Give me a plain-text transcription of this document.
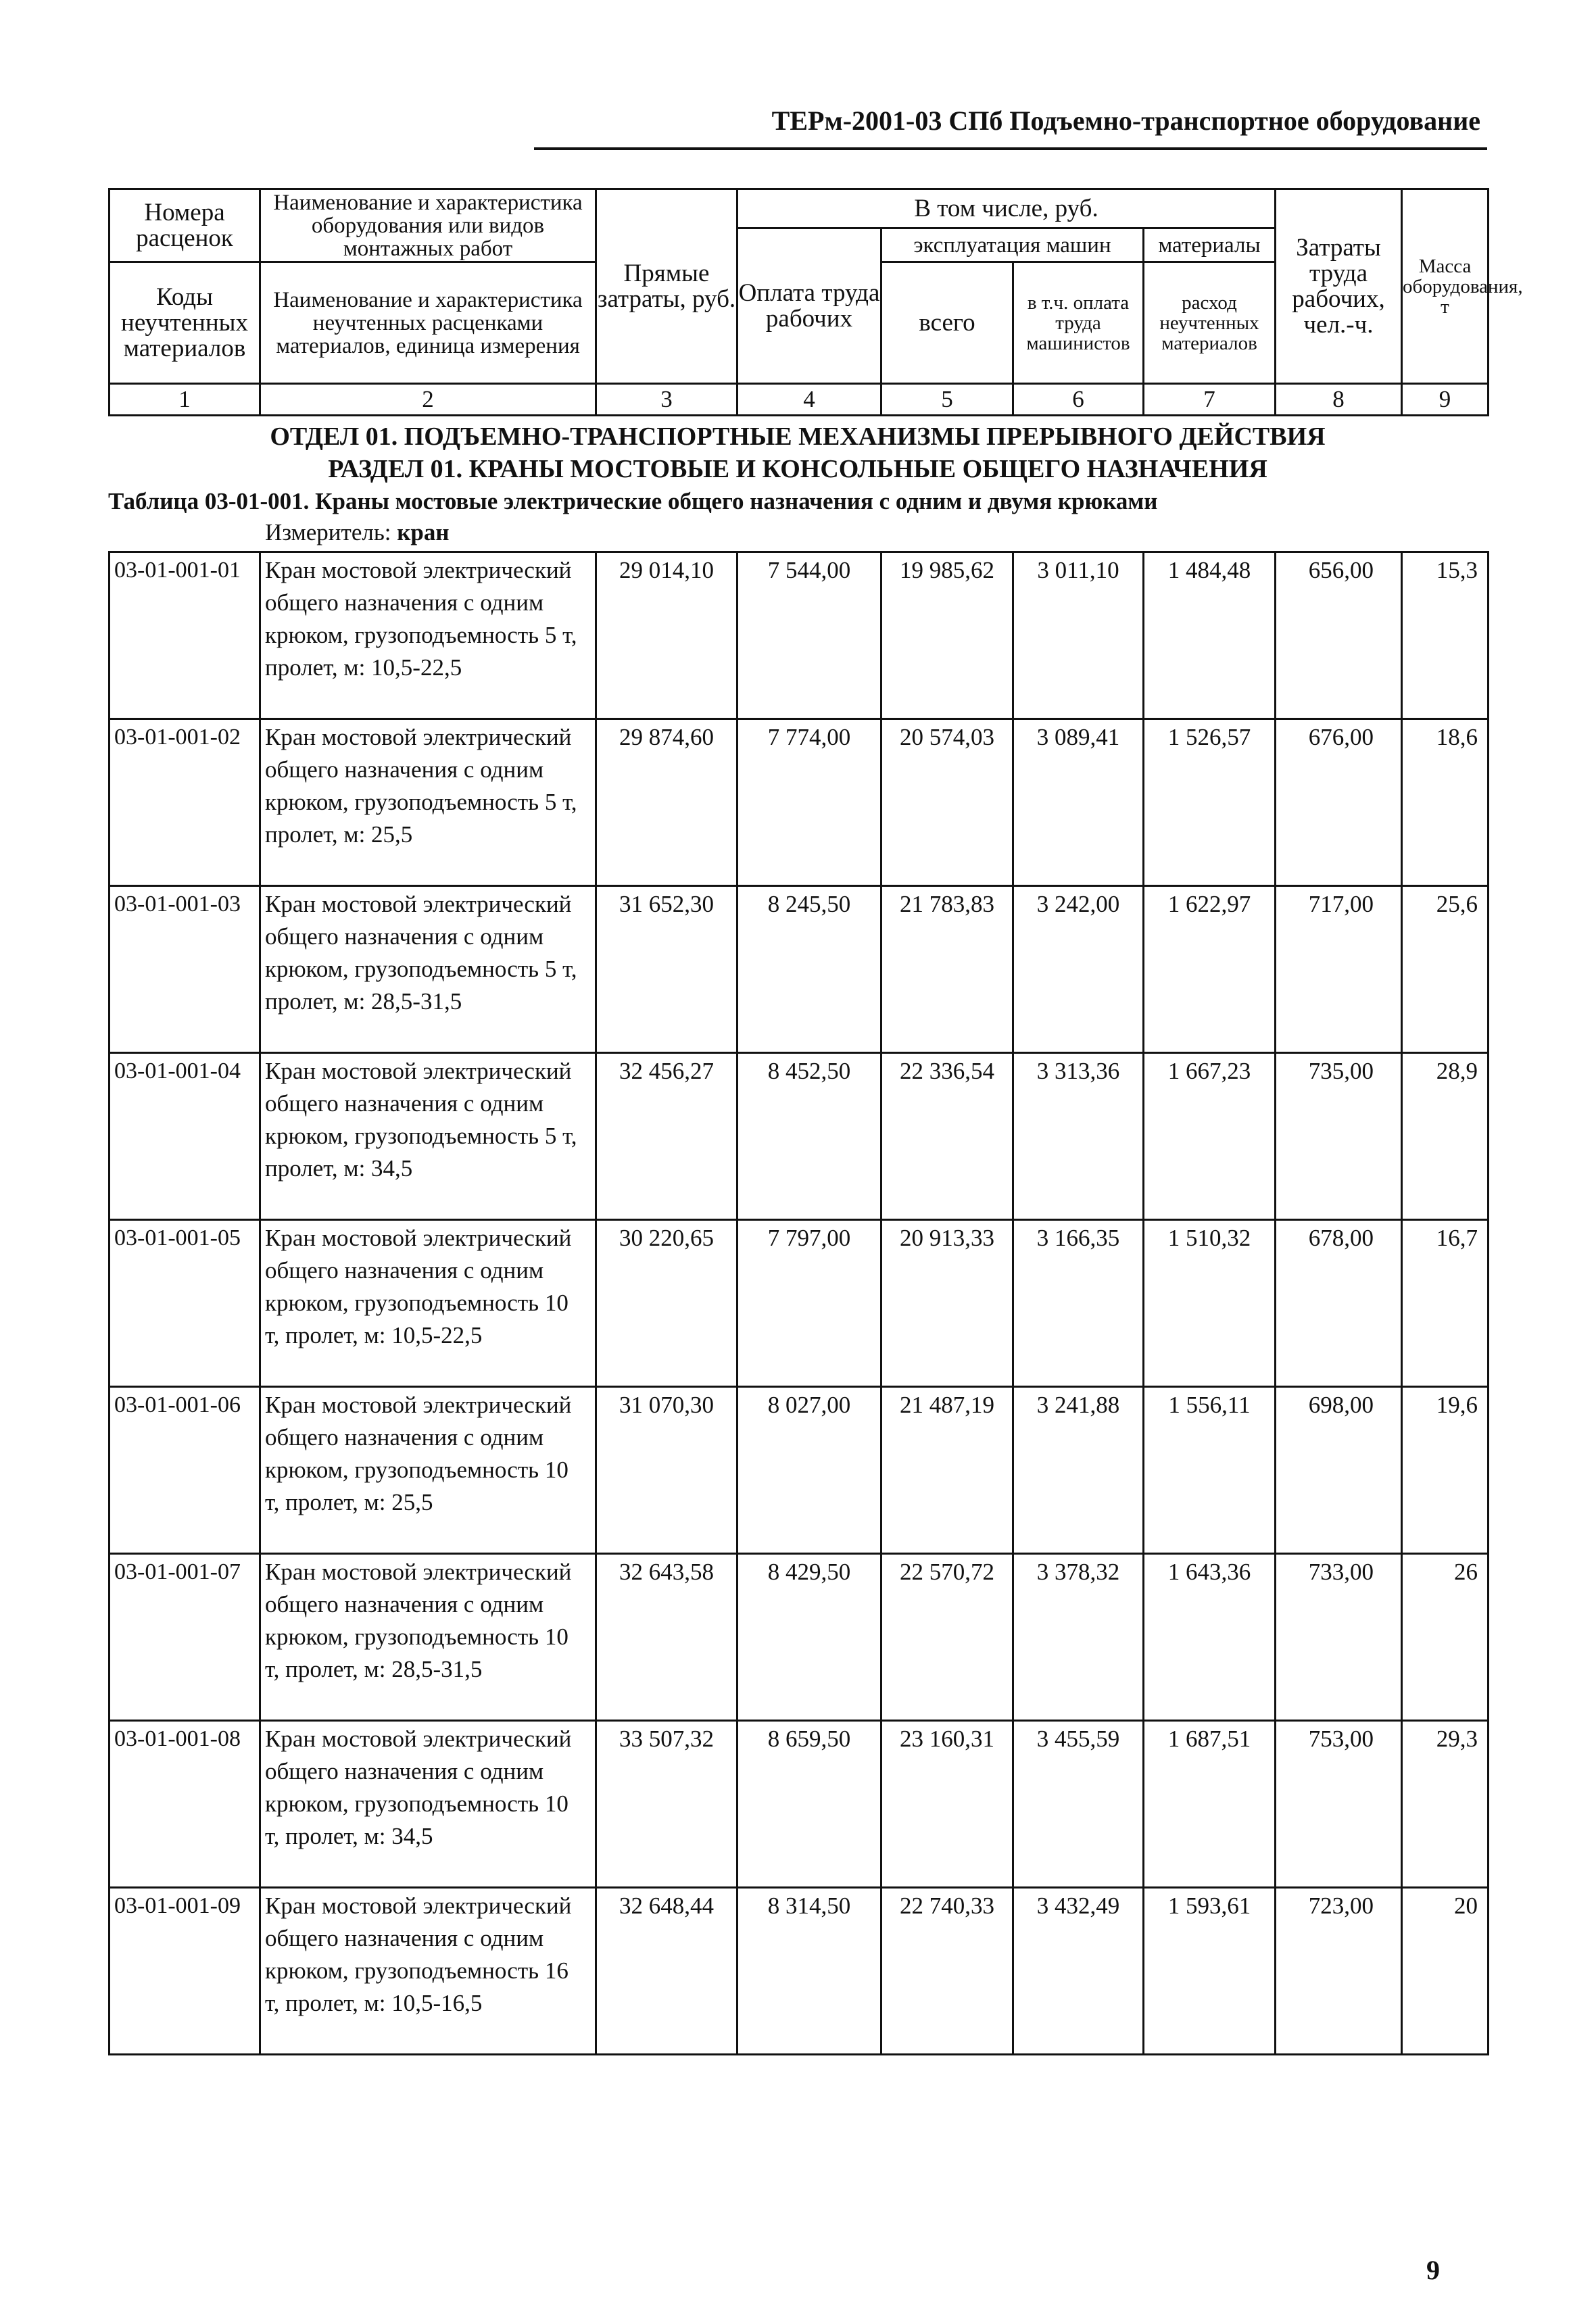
ТЕРм-2001-03 СПб Подъемно-транспортное оборудование
Номера расценок	Наименование и характеристика оборудования или видов монтажных работ	Прямые затраты, руб.	В том числе, руб.				Затраты труда рабочих, чел.-ч.	Масса оборудования, т
			Оплата труда рабочих	эксплуатация машин		материалы		
Коды неучтенных материалов	Наименование и характеристика неучтенных расценками материалов, единица измерения			всего	в т.ч. оплата труда машинистов	расход неучтенных материалов		

1	2	3	4	5	6	7	8	9
ОТДЕЛ 01. ПОДЪЕМНО-ТРАНСПОРТНЫЕ МЕХАНИЗМЫ ПРЕРЫВНОГО ДЕЙСТВИЯ
РАЗДЕЛ 01. КРАНЫ МОСТОВЫЕ И КОНСОЛЬНЫЕ ОБЩЕГО НАЗНАЧЕНИЯ
Таблица 03-01-001. Краны мостовые электрические общего назначения с одним и двумя крюками
Измеритель: кран
03-01-001-01	Кран мостовой электрический
общего назначения с одним
крюком, грузоподъемность 5 т,
пролет, м: 10,5-22,5	29 014,10	7 544,00	19 985,62	3 011,10	1 484,48	656,00	15,3
03-01-001-02	Кран мостовой электрический
общего назначения с одним
крюком, грузоподъемность 5 т,
пролет, м: 25,5	29 874,60	7 774,00	20 574,03	3 089,41	1 526,57	676,00	18,6
03-01-001-03	Кран мостовой электрический
общего назначения с одним
крюком, грузоподъемность 5 т,
пролет, м: 28,5-31,5	31 652,30	8 245,50	21 783,83	3 242,00	1 622,97	717,00	25,6
03-01-001-04	Кран мостовой электрический
общего назначения с одним
крюком, грузоподъемность 5 т,
пролет, м: 34,5	32 456,27	8 452,50	22 336,54	3 313,36	1 667,23	735,00	28,9
03-01-001-05	Кран мостовой электрический
общего назначения с одним
крюком, грузоподъемность 10
т, пролет, м: 10,5-22,5	30 220,65	7 797,00	20 913,33	3 166,35	1 510,32	678,00	16,7
03-01-001-06	Кран мостовой электрический
общего назначения с одним
крюком, грузоподъемность 10
т, пролет, м: 25,5	31 070,30	8 027,00	21 487,19	3 241,88	1 556,11	698,00	19,6
03-01-001-07	Кран мостовой электрический
общего назначения с одним
крюком, грузоподъемность 10
т, пролет, м: 28,5-31,5	32 643,58	8 429,50	22 570,72	3 378,32	1 643,36	733,00	26
03-01-001-08	Кран мостовой электрический
общего назначения с одним
крюком, грузоподъемность 10
т, пролет, м: 34,5	33 507,32	8 659,50	23 160,31	3 455,59	1 687,51	753,00	29,3
03-01-001-09	Кран мостовой электрический
общего назначения с одним
крюком, грузоподъемность 16
т, пролет, м: 10,5-16,5	32 648,44	8 314,50	22 740,33	3 432,49	1 593,61	723,00	20
9
